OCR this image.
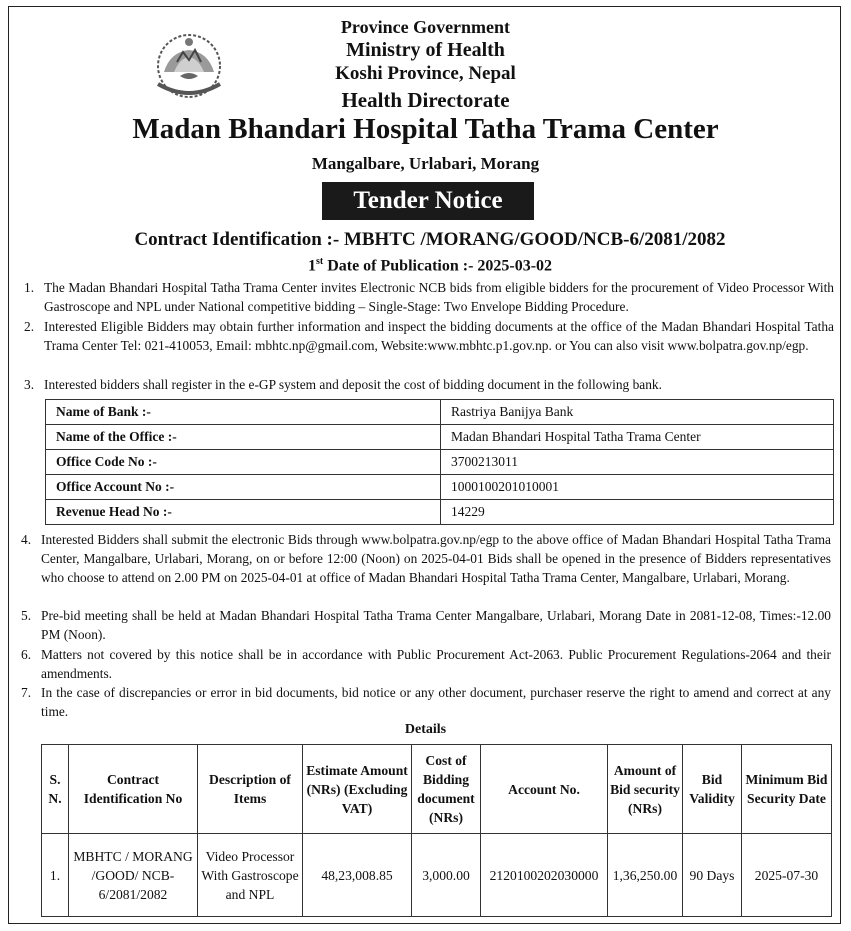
Province Government
Ministry of Health
Koshi Province, Nepal
Health Directorate
Madan Bhandari Hospital Tatha Trama Center
Mangalbare, Urlabari, Morang
Tender Notice
Contract Identification :- MBHTC /MORANG/GOOD/NCB-6/2081/2082
1st Date of Publication :- 2025-03-02
1. The Madan Bhandari Hospital Tatha Trama Center invites Electronic NCB bids from eligible bidders for the procurement of Video Processor With Gastroscope and NPL under National competitive bidding – Single-Stage: Two Envelope Bidding Procedure.
2. Interested Eligible Bidders may obtain further information and inspect the bidding documents at the office of the Madan Bhandari Hospital Tatha Trama Center Tel: 021-410053, Email: mbhtc.np@gmail.com, Website:www.mbhtc.p1.gov.np. or You can also visit www.bolpatra.gov.np/egp.
3. Interested bidders shall register in the e-GP system and deposit the cost of bidding document in the following bank.
Name of Bank :-	Rastriya Banijya Bank
Name of the Office :-	Madan Bhandari Hospital Tatha Trama Center
Office Code No :-	3700213011
Office Account No :-	1000100201010001
Revenue Head No :-	14229
4. Interested Bidders shall submit the electronic Bids through www.bolpatra.gov.np/egp to the above office of Madan Bhandari Hospital Tatha Trama Center, Mangalbare, Urlabari, Morang, on or before 12:00 (Noon) on 2025-04-01 Bids shall be opened in the presence of Bidders representatives who choose to attend on 2.00 PM on 2025-04-01 at office of Madan Bhandari Hospital Tatha Trama Center, Mangalbare, Urlabari, Morang.
5. Pre-bid meeting shall be held at Madan Bhandari Hospital Tatha Trama Center Mangalbare, Urlabari, Morang Date in 2081-12-08, Times:-12.00 PM (Noon).
6. Matters not covered by this notice shall be in accordance with Public Procurement Act-2063. Public Procurement Regulations-2064 and their amendments.
7. In the case of discrepancies or error in bid documents, bid notice or any other document, purchaser reserve the right to amend and correct at any time.
Details
S. N.	Contract Identification No	Description of Items	Estimate Amount (NRs) (Excluding VAT)	Cost of Bidding document (NRs)	Account No.	Amount of Bid security (NRs)	Bid Validity	Minimum Bid Security Date
1.	MBHTC / MORANG /GOOD/ NCB-6/2081/2082	Video Processor With Gastroscope and NPL	48,23,008.85	3,000.00	2120100202030000	1,36,250.00	90 Days	2025-07-30
